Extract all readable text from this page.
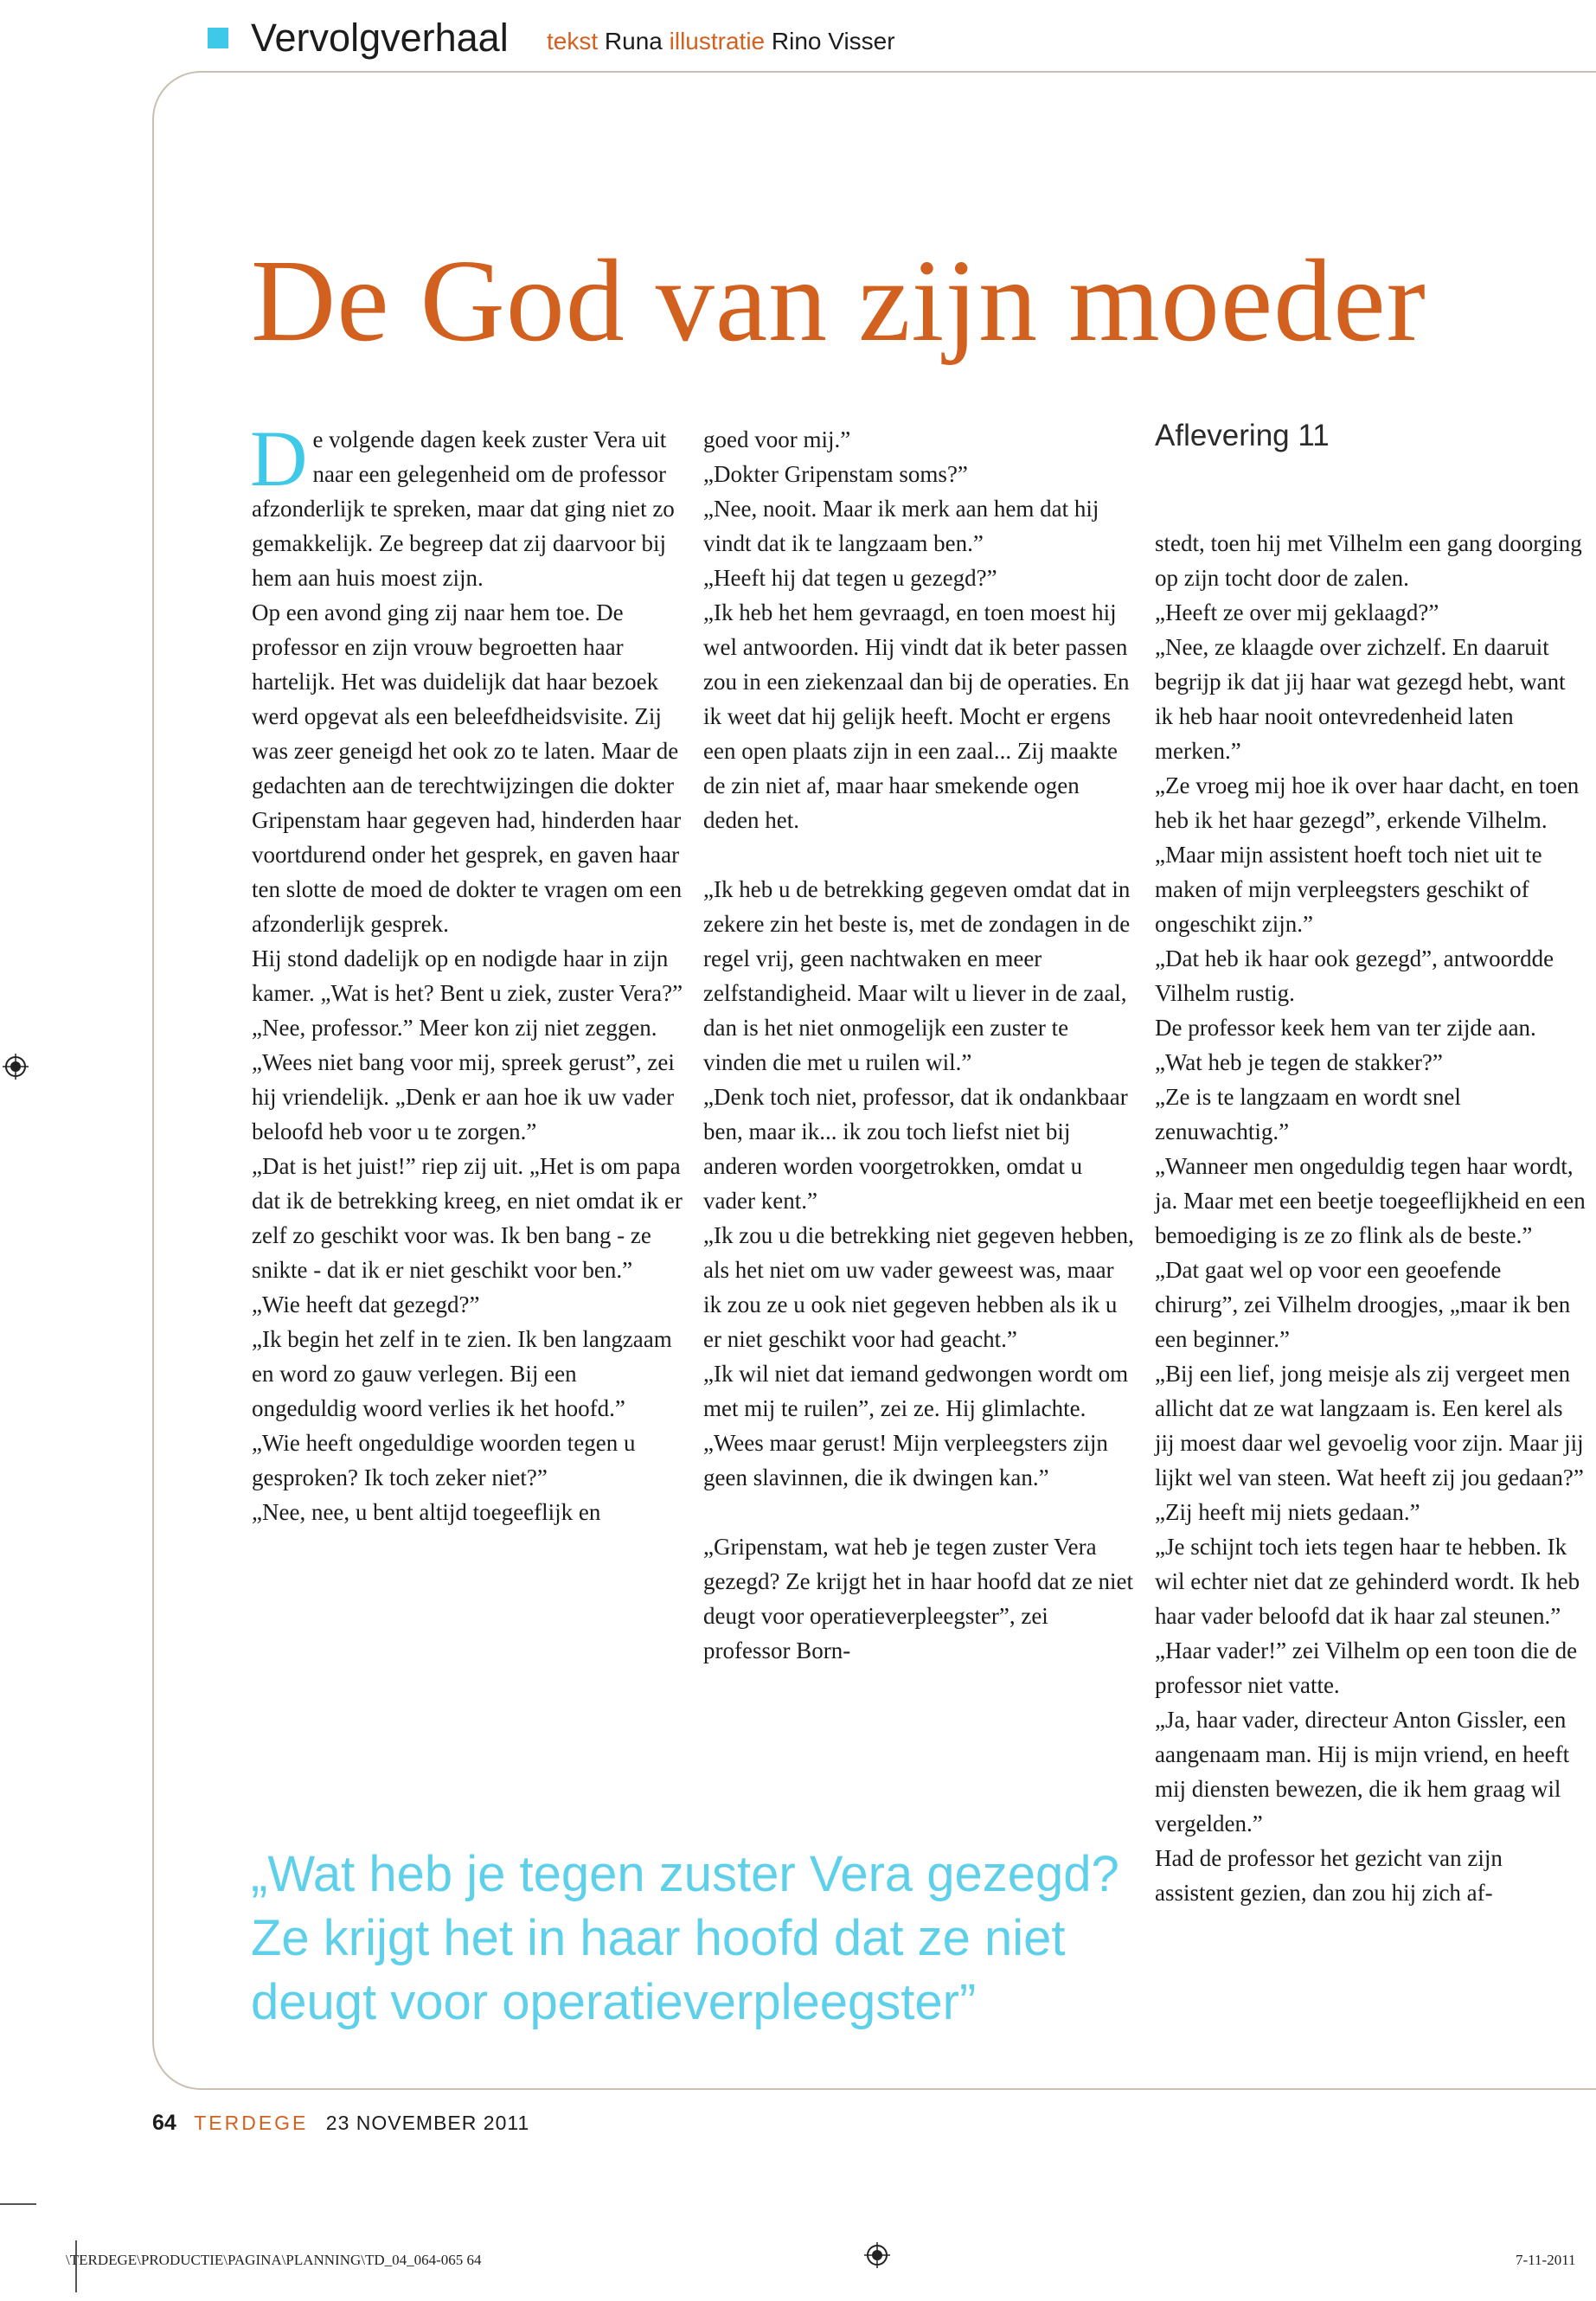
Vervolgverhaal tekst Runa illustratie Rino Visser
De God van zijn moeder
Aflevering 11
D e volgende dagen keek zuster Vera uit naar een gelegenheid om de professor afzonderlijk te spreken, maar dat ging niet zo gemakkelijk. Ze begreep dat zij daarvoor bij hem aan huis moest zijn.

Op een avond ging zij naar hem toe. De professor en zijn vrouw begroetten haar hartelijk. Het was duidelijk dat haar bezoek werd opgevat als een beleefdheidsvisite. Zij was zeer geneigd het ook zo te laten. Maar de gedachten aan de terechtwijzingen die dokter Gripenstam haar gegeven had, hinderden haar voortdurend onder het gesprek, en gaven haar ten slotte de moed de dokter te vragen om een afzonderlijk gesprek.

Hij stond dadelijk op en nodigde haar in zijn kamer. „Wat is het? Bent u ziek, zuster Vera?”

„Nee, professor.” Meer kon zij niet zeggen.

„Wees niet bang voor mij, spreek gerust”, zei hij vriendelijk. „Denk er aan hoe ik uw vader beloofd heb voor u te zorgen.”

„Dat is het juist!” riep zij uit. „Het is om papa dat ik de betrekking kreeg, en niet omdat ik er zelf zo geschikt voor was. Ik ben bang - ze snikte - dat ik er niet geschikt voor ben.”

„Wie heeft dat gezegd?”

„Ik begin het zelf in te zien. Ik ben langzaam en word zo gauw verlegen. Bij een ongeduldig woord verlies ik het hoofd.”

„Wie heeft ongeduldige woorden tegen u gesproken? Ik toch zeker niet?”

„Nee, nee, u bent altijd toegeeflijk en

goed voor mij.”

„Dokter Gripenstam soms?”

„Nee, nooit. Maar ik merk aan hem dat hij vindt dat ik te langzaam ben.”

„Heeft hij dat tegen u gezegd?”

„Ik heb het hem gevraagd, en toen moest hij wel antwoorden. Hij vindt dat ik beter passen zou in een ziekenzaal dan bij de operaties. En ik weet dat hij gelijk heeft. Mocht er ergens een open plaats zijn in een zaal... Zij maakte de zin niet af, maar haar smekende ogen deden het.

„Ik heb u de betrekking gegeven omdat dat in zekere zin het beste is, met de zondagen in de regel vrij, geen nachtwaken en meer zelfstandigheid. Maar wilt u liever in de zaal, dan is het niet onmogelijk een zuster te vinden die met u ruilen wil.”

„Denk toch niet, professor, dat ik ondankbaar ben, maar ik... ik zou toch liefst niet bij anderen worden voorgetrokken, omdat u vader kent.”

„Ik zou u die betrekking niet gegeven hebben, als het niet om uw vader geweest was, maar ik zou ze u ook niet gegeven hebben als ik u er niet geschikt voor had geacht.”

„Ik wil niet dat iemand gedwongen wordt om met mij te ruilen”, zei ze. Hij glimlachte. „Wees maar gerust! Mijn verpleegsters zijn geen slavinnen, die ik dwingen kan.”

„Gripenstam, wat heb je tegen zuster Vera gezegd? Ze krijgt het in haar hoofd dat ze niet deugt voor operatieverpleegster”, zei professor Born-

stedt, toen hij met Vilhelm een gang doorging op zijn tocht door de zalen.

„Heeft ze over mij geklaagd?”

„Nee, ze klaagde over zichzelf. En daaruit begrijp ik dat jij haar wat gezegd hebt, want ik heb haar nooit ontevredenheid laten merken.”

„Ze vroeg mij hoe ik over haar dacht, en toen heb ik het haar gezegd”, erkende Vilhelm.

„Maar mijn assistent hoeft toch niet uit te maken of mijn verpleegsters geschikt of ongeschikt zijn.”

„Dat heb ik haar ook gezegd”, antwoordde Vilhelm rustig.

De professor keek hem van ter zijde aan. „Wat heb je tegen de stakker?”

„Ze is te langzaam en wordt snel zenuwachtig.”

„Wanneer men ongeduldig tegen haar wordt, ja. Maar met een beetje toegeeflijkheid en een bemoediging is ze zo flink als de beste.”

„Dat gaat wel op voor een geoefende chirurg”, zei Vilhelm droogjes, „maar ik ben een beginner.”

„Bij een lief, jong meisje als zij vergeet men allicht dat ze wat langzaam is. Een kerel als jij moest daar wel gevoelig voor zijn. Maar jij lijkt wel van steen. Wat heeft zij jou gedaan?”

„Zij heeft mij niets gedaan.”

„Je schijnt toch iets tegen haar te hebben. Ik wil echter niet dat ze gehinderd wordt. Ik heb haar vader beloofd dat ik haar zal steunen.”

„Haar vader!” zei Vilhelm op een toon die de professor niet vatte.

„Ja, haar vader, directeur Anton Gissler, een aangenaam man. Hij is mijn vriend, en heeft mij diensten bewezen, die ik hem graag wil vergelden.”

Had de professor het gezicht van zijn assistent gezien, dan zou hij zich af-

„Wat heb je tegen zuster Vera gezegd?
Ze krijgt het in haar hoofd dat ze niet
deugt voor operatieverpleegster”
64 TERDEGE 23 NOVEMBER 2011
\TERDEGE\PRODUCTIE\PAGINA\PLANNING\TD_04_064-065 64	7-11-2011
